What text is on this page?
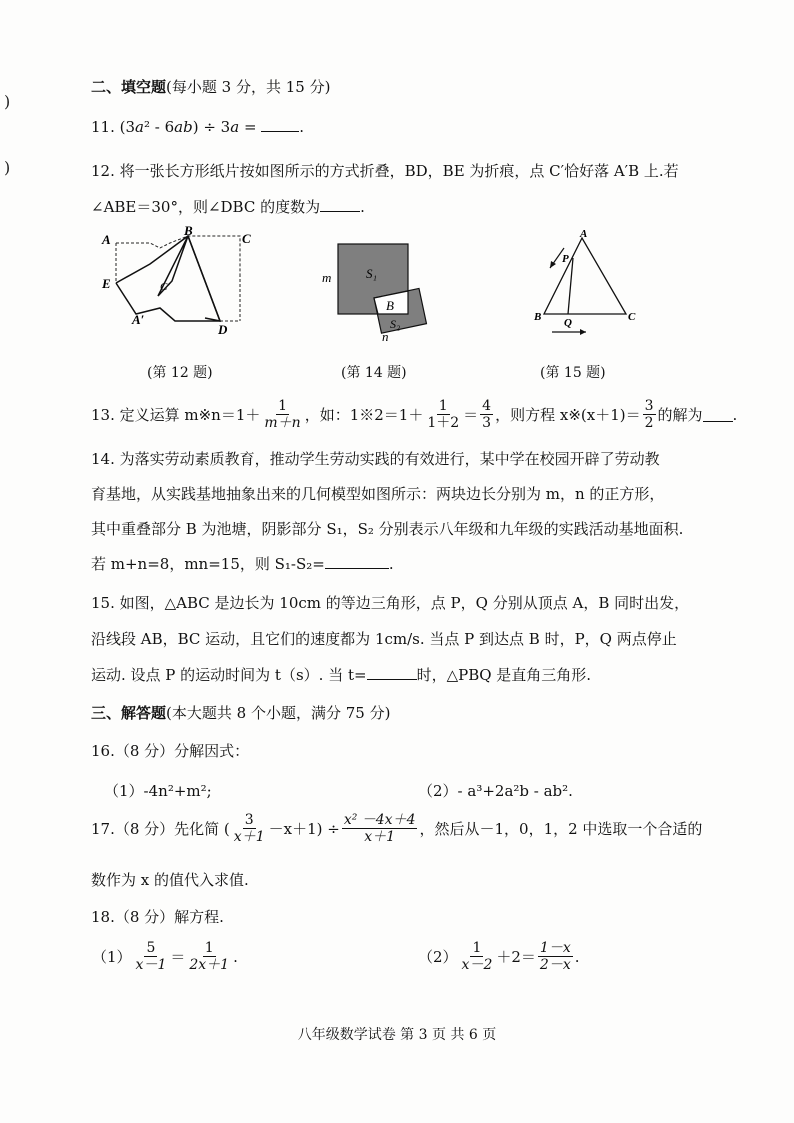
)
)
二、填空题(每小题 3 分，共 15 分)
11. (3a² - 6ab) ÷ 3a =	.
12. 将一张长方形纸片按如图所示的方式折叠，BD，BE 为折痕，点 C′恰好落 A′B 上.若
∠ABE＝30°，则∠DBC 的度数为	.
A
B
C
E	C′
A′
D
(第 12 题)
m	S₁
B
S₂
n
(第 14 题)
A
P
B Q	C
(第 15 题)
13. 定义运算 m※n＝1＋ $\frac{1}{m+n}$ ，如：1※2＝1＋ $\frac{1}{1+2} = \frac{4}{3}$ ，则方程 x※(x＋1)＝ $\frac{3}{2}$ 的解为 .
14. 为落实劳动素质教育，推动学生劳动实践的有效进行，某中学在校园开辟了劳动教
育基地，从实践基地抽象出来的几何模型如图所示：两块边长分别为 m，n 的正方形，
其中重叠部分 B 为池塘，阴影部分 S₁，S₂ 分别表示八年级和九年级的实践活动基地面积.
若 m+n=8，mn=15，则 S₁-S₂=	.
15. 如图，△ABC 是边长为 10cm 的等边三角形，点 P，Q 分别从顶点 A，B 同时出发，
沿线段 AB，BC 运动，且它们的速度都为 1cm/s. 当点 P 到达点 B 时，P，Q 两点停止
运动. 设点 P 的运动时间为 t（s）. 当 t=	时，△PBQ 是直角三角形.
三、解答题(本大题共 8 个小题，满分 75 分)
16.（8 分）分解因式：
（1）-4n²+m²;	（2）- a³+2a²b - ab².
17.（8 分）先化简 ( $\frac{3}{x+1} -x+1) \div \frac{\text{x² －4x＋4}}{x+1}$ ，然后从－1，0，1，2 中选取一个合适的
数作为 x 的值代入求值.
18.（8 分）解方程.
$(1) \frac{5}{x-1} = \frac{1}{2x+1}$ .	$(2) \frac{1}{x-2} +2= \frac{1-x}{2-x}$ .
八年级数学试卷 第 3 页 共 6 页
